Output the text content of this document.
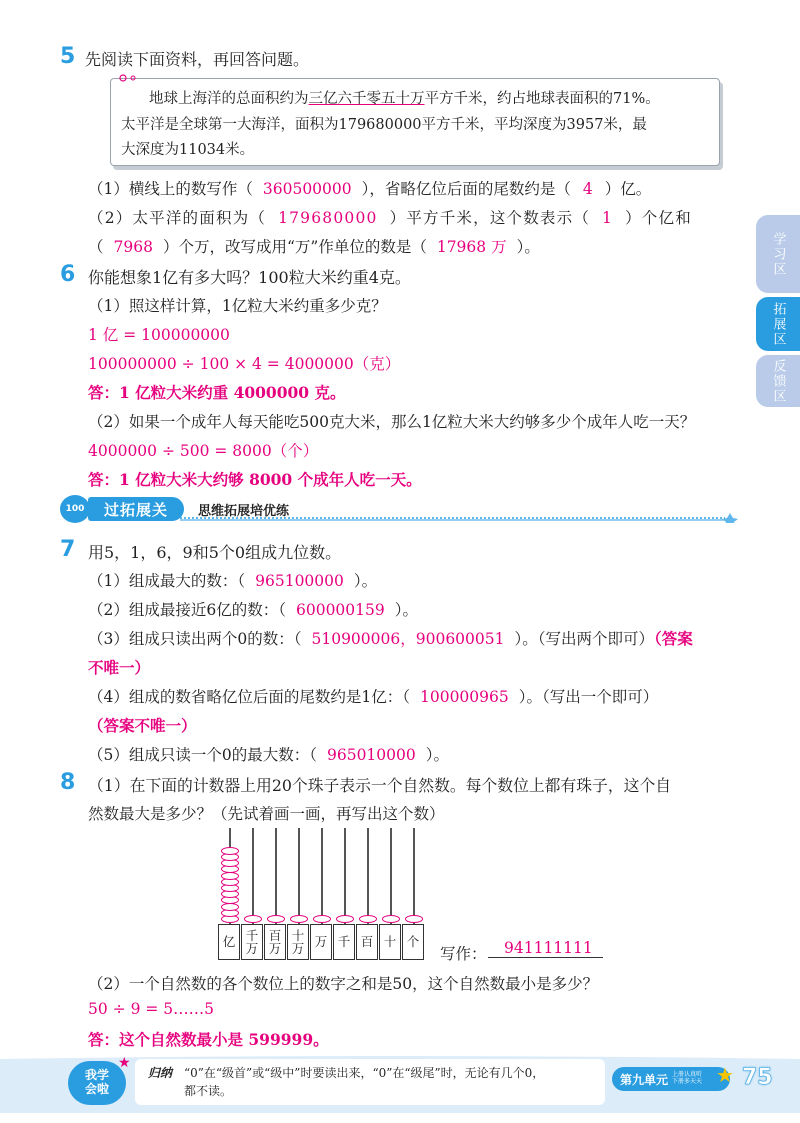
5 先阅读下面资料，再回答问题。
地球上海洋的总面积约为三亿六千零五十万平方千米，约占地球表面积的71%。
太平洋是全球第一大海洋，面积为179680000平方千米，平均深度为3957米，最
大深度为11034米。
（1）横线上的数写作（ 360500000 ），省略亿位后面的尾数约是（ 4 ）亿。
（2）太平洋的面积为（ 179680000 ）平方千米，这个数表示（ 1 ）个亿和
（ 7968 ）个万，改写成用“万”作单位的数是（ 17968 万 ）。
6 你能想象1亿有多大吗？100粒大米约重4克。
（1）照这样计算，1亿粒大米约重多少克？
1 亿 = 100000000
100000000 ÷ 100 × 4 = 4000000（克）
答：1 亿粒大米约重 4000000 克。
（2）如果一个成年人每天能吃500克大米，那么1亿粒大米大约够多少个成年人吃一天？
4000000 ÷ 500 = 8000（个）
答：1 亿粒大米大约够 8000 个成年人吃一天。
学习区
拓展区
反馈区
100	过拓展关	思维拓展培优练
7 用5，1，6，9和5个0组成九位数。
（1）组成最大的数：（ 965100000 ）。
（2）组成最接近6亿的数：（ 600000159 ）。
（3）组成只读出两个0的数：（ 510900006，900600051 ）。（写出两个即可）（答案
不唯一）
（4）组成的数省略亿位后面的尾数约是1亿：（ 100000965 ）。（写出一个即可）
（答案不唯一）
（5）组成只读一个0的最大数：（ 965010000 ）。
8 （1）在下面的计数器上用20个珠子表示一个自然数。每个数位上都有珠子，这个自
然数最大是多少？（先试着画一画，再写出这个数）
亿 千
万
百
万
十
万 万 千 百 十 个
写作：	941111111
（2）一个自然数的各个数位上的数字之和是50，这个自然数最小是多少？
50 ÷ 9 = 5……5
答：这个自然数最小是 599999。
我学
会啦
★
归纳 “0”在“级首”或“级中”时要读出来，“0”在“级尾”时，无论有几个0，
都不读。
第九单元 上册认真听
下册多天天 ★ 75
